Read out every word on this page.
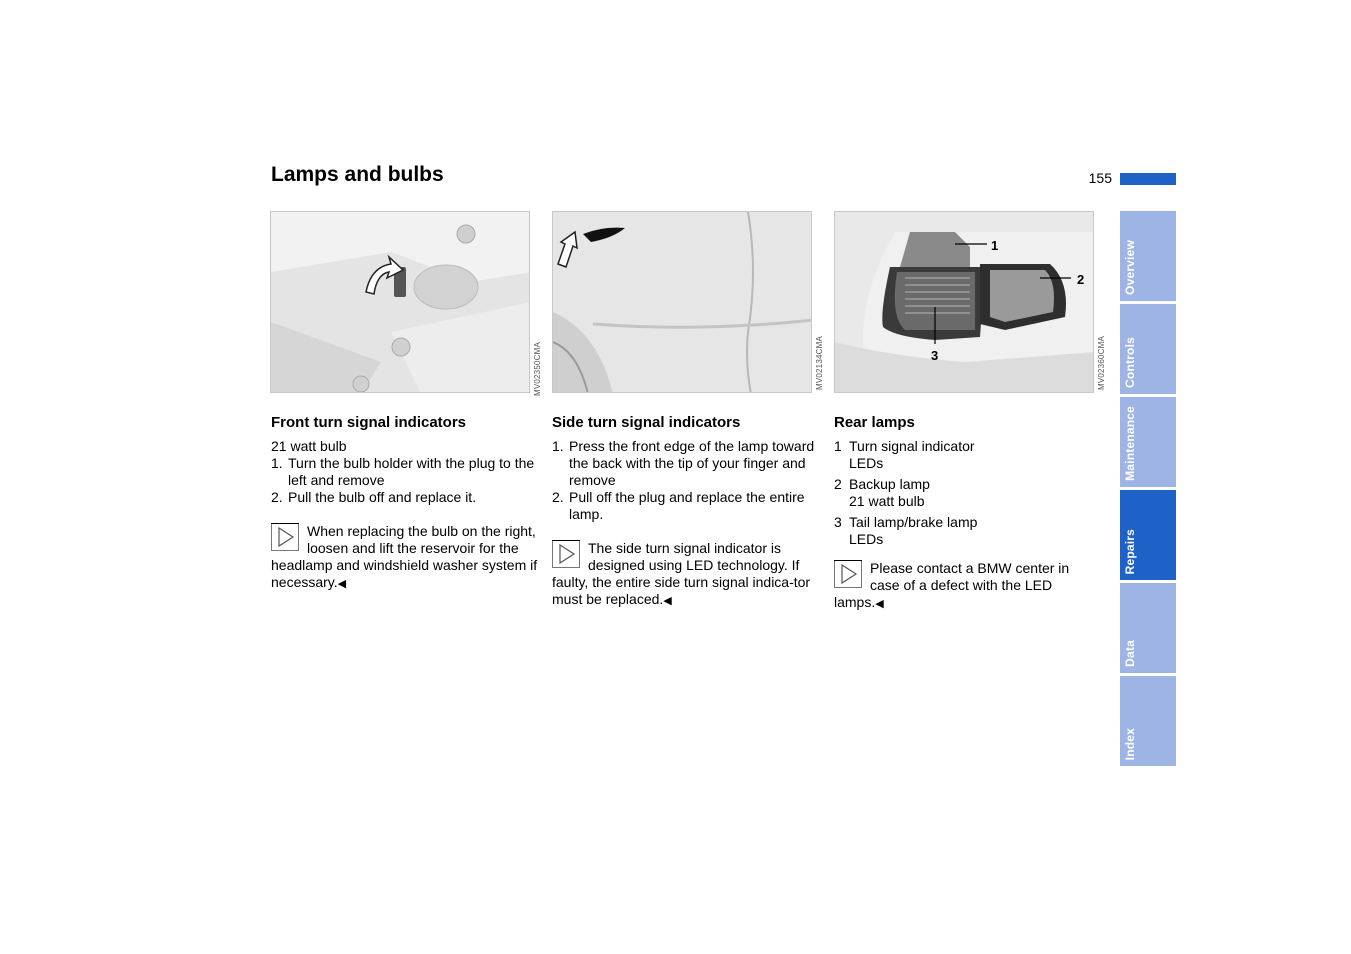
Lamps and bulbs	155
MV02350CMA	MV02134CMA
1
2
3	MV02360CMA
Front turn signal indicators

21 watt bulb

1. Turn the bulb holder with the plug to the left and remove
2. Pull the bulb off and replace it.
When replacing the bulb on the right, loosen and lift the reservoir for the headlamp and windshield washer system if necessary.◀
Side turn signal indicators
1. Press the front edge of the lamp toward the back with the tip of your finger and remove
2. Pull off the plug and replace the entire lamp.
The side turn signal indicator is designed using LED technology. If faulty, the entire side turn signal indica-tor must be replaced.◀
Rear lamps
1 Turn signal indicator
LEDs
2 Backup lamp
21 watt bulb
3 Tail lamp/brake lamp
LEDs
Please contact a BMW center in case of a defect with the LED lamps.◀
Overview
Controls
Maintenance
Repairs
Data
Index
